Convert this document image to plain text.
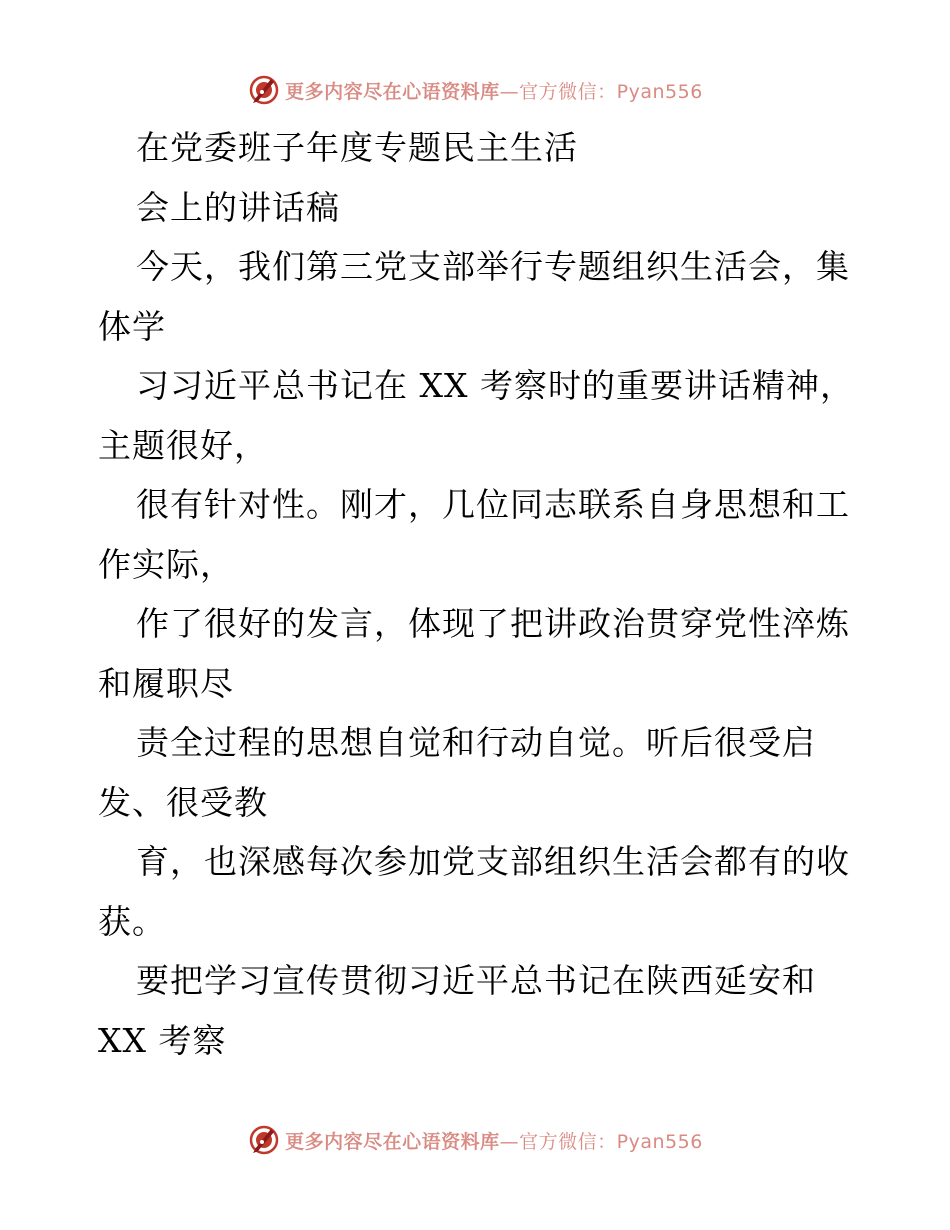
更多内容尽在心语资料库—官方微信：Pyan556
在党委班子年度专题民主生活
会上的讲话稿
今天，我们第三党支部举行专题组织生活会，集
体学
习习近平总书记在 XX 考察时的重要讲话精神，
主题很好，
很有针对性。刚才，几位同志联系自身思想和工
作实际，
作了很好的发言，体现了把讲政治贯穿党性淬炼
和履职尽
责全过程的思想自觉和行动自觉。听后很受启
发、很受教
育，也深感每次参加党支部组织生活会都有的收
获。
要把学习宣传贯彻习近平总书记在陕西延安和
XX 考察
更多内容尽在心语资料库—官方微信：Pyan556
